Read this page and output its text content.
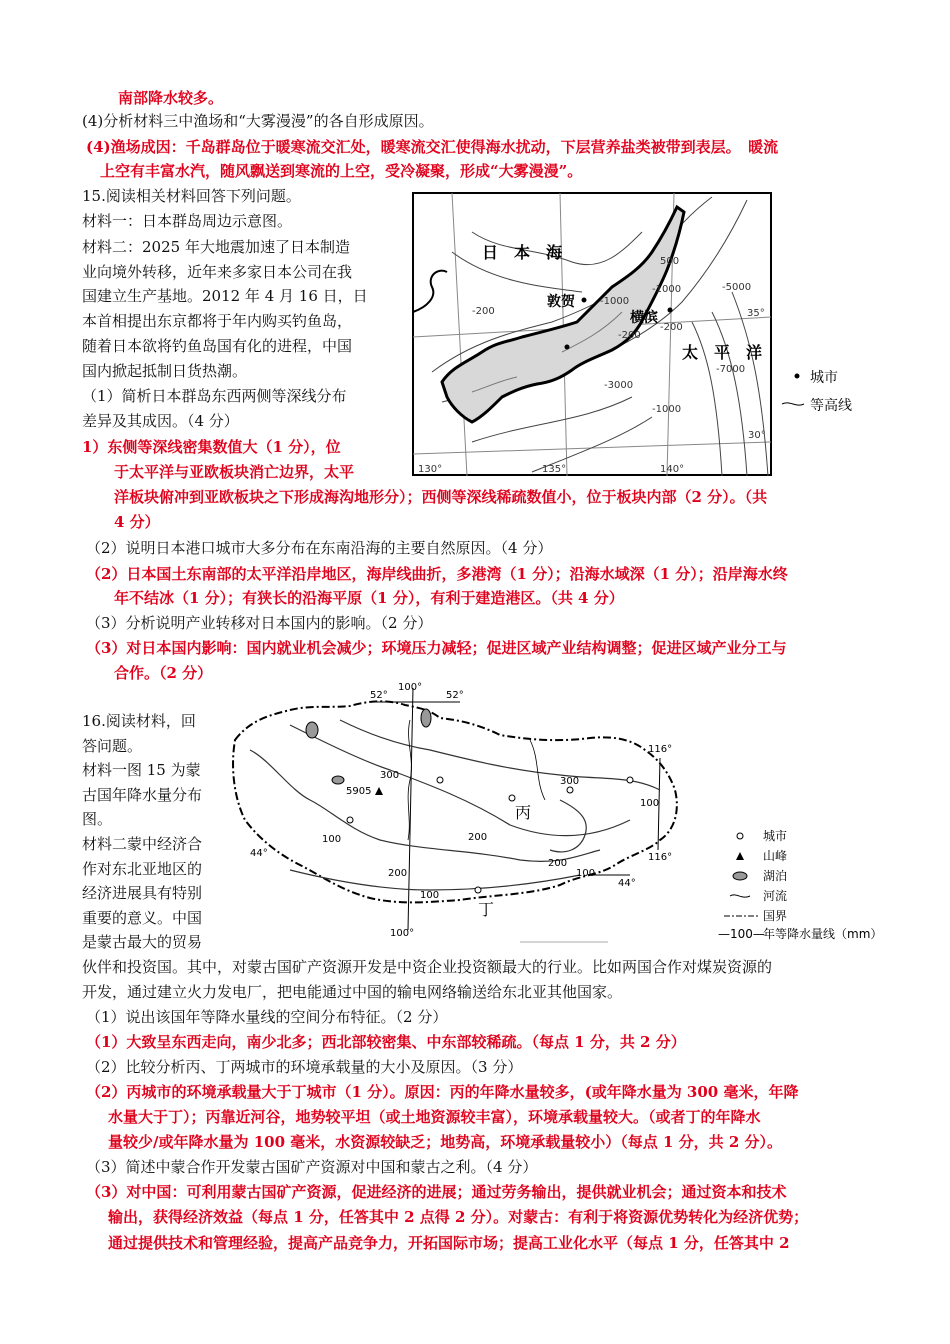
南部降水较多。
(4)分析材料三中渔场和“大雾漫漫”的各自形成原因。
(4)渔场成因：千岛群岛位于暖寒流交汇处，暖寒流交汇使得海水扰动，下层营养盐类被带到表层。　暖流
上空有丰富水汽，随风飘送到寒流的上空，受冷凝聚，形成“大雾漫漫”。
15.阅读相关材料回答下列问题。
材料一：日本群岛周边示意图。
材料二：2025 年大地震加速了日本制造
业向境外转移，近年来多家日本公司在我
国建立生产基地。2012 年 4 月 16 日，日
本首相提出东京都将于年内购买钓鱼岛，
随着日本欲将钓鱼岛国有化的进程，中国
国内掀起抵制日货热潮。
（1）简析日本群岛东西两侧等深线分布
差异及其成因。（4 分）
1）东侧等深线密集数值大（1 分），位
于太平洋与亚欧板块消亡边界，太平
洋板块俯冲到亚欧板块之下形成海沟地形分）；西侧等深线稀疏数值小，位于板块内部（2 分）。（共
4 分）
（2）说明日本港口城市大多分布在东南沿海的主要自然原因。（4 分）
（2）日本国土东南部的太平洋沿岸地区，海岸线曲折，多港湾（1 分）；沿海水域深（1 分）；沿岸海水终
年不结冰（1 分）；有狭长的沿海平原（1 分），有利于建造港区。（共 4 分）
（3）分析说明产业转移对日本国内的影响。（2 分）
（3）对日本国内影响：国内就业机会减少；环境压力减轻；促进区域产业结构调整；促进区域产业分工与
合作。（2 分）
日　本　海
太　平　洋
敦贺
横滨
500
-1000
-200
-5000
-1000
-200
-200
-3000
-7000
-1000
130°	135°	140°
35°
30°
城市
等高线
16.阅读材料，回
答问题。
材料一图 15 为蒙
古国年降水量分布
图。
材料二蒙中经济合
作对东北亚地区的
经济进展具有特别
重要的意义。中国
是蒙古最大的贸易
伙伴和投资国。其中，对蒙古国矿产资源开发是中资企业投资额最大的行业。比如两国合作对煤炭资源的
开发，通过建立火力发电厂，把电能通过中国的输电网络输送给东北亚其他国家。
（1）说出该国年等降水量线的空间分布特征。（2 分）
（1）大致呈东西走向，南少北多；西北部较密集、中东部较稀疏。（每点 1 分，共 2 分）
（2）比较分析丙、丁两城市的环境承载量的大小及原因。（3 分）
（2）丙城市的环境承载量大于丁城市（1 分）。原因：丙的年降水量较多，(或年降水量为 300 毫米，年降
水量大于丁）；丙靠近河谷，地势较平坦（或土地资源较丰富），环境承载量较大。（或者丁的年降水
量较少/或年降水量为 100 毫米，水资源较缺乏；地势高，环境承载量较小）（每点 1 分，共 2 分）。
（3）简述中蒙合作开发蒙古国矿产资源对中国和蒙古之利。（4 分）
（3）对中国：可利用蒙古国矿产资源，促进经济的进展；通过劳务输出，提供就业机会；通过资本和技术
输出，获得经济效益（每点 1 分，任答其中 2 点得 2 分）。对蒙古：有利于将资源优势转化为经济优势；
通过提供技术和管理经验，提高产品竞争力，开拓国际市场；提高工业化水平（每点 1 分，任答其中 2
5905
丙
丁
100°
100°
116°
116°
52°	52°
44°
44°
300
200
100
200
100
200
100
300
100
城市
山峰
湖泊
河流
国界
—100—
年等降水量线（mm）
